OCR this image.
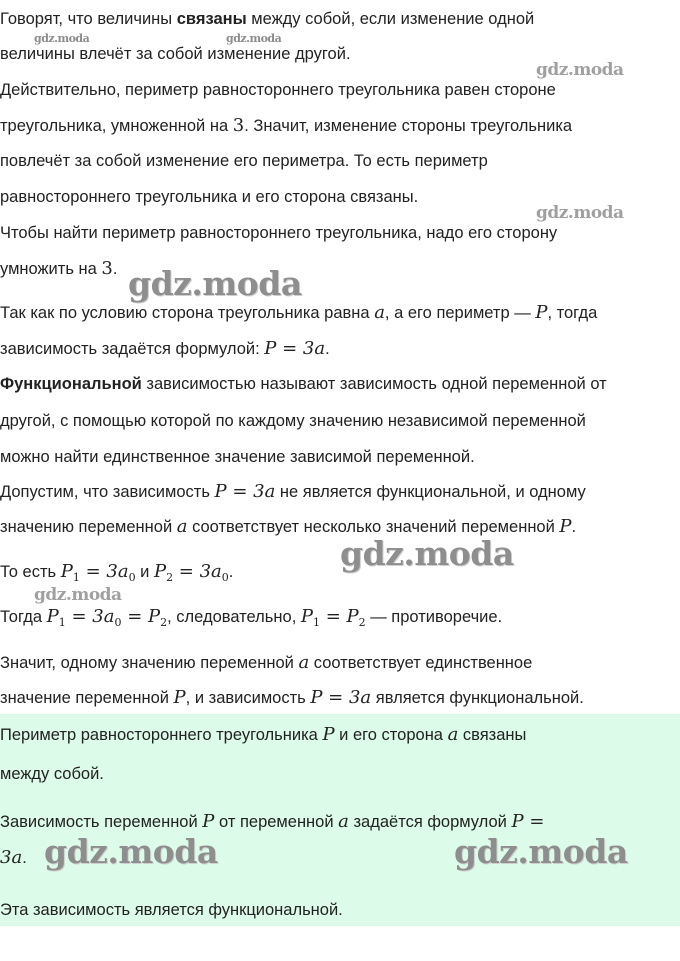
Говорят, что величины связаны между собой, если изменение одной
величины влечёт за собой изменение другой.
Действительно, периметр равностороннего треугольника равен стороне
треугольника, умноженной на 3. Значит, изменение стороны треугольника
повлечёт за собой изменение его периметра. То есть периметр
равностороннего треугольника и его сторона связаны.
Чтобы найти периметр равностороннего треугольника, надо его сторону
умножить на 3.
Так как по условию сторона треугольника равна a, а его периметр — P, тогда
зависимость задаётся формулой: P = 3a.
Функциональной зависимостью называют зависимость одной переменной от
другой, с помощью которой по каждому значению независимой переменной
можно найти единственное значение зависимой переменной.
Допустим, что зависимость P = 3a не является функциональной, и одному
значению переменной a соответствует несколько значений переменной P.
То есть $P_1 = 3a_0$ и $P_2 = 3a_0$.
Тогда $P_1 = 3a_0 = P_2$, следовательно, $P_1 = P_2$ — противоречие.
Значит, одному значению переменной a соответствует единственное
значение переменной P, и зависимость P = 3a является функциональной.
Периметр равностороннего треугольника P и его сторона a связаны
между собой.
Зависимость переменной P от переменной a задаётся формулой P =
3a.
Эта зависимость является функциональной.
gdz.moda	gdz.moda
gdz.moda
gdz.moda
gdz.moda
gdz.moda
gdz.moda
gdz.moda	gdz.moda
